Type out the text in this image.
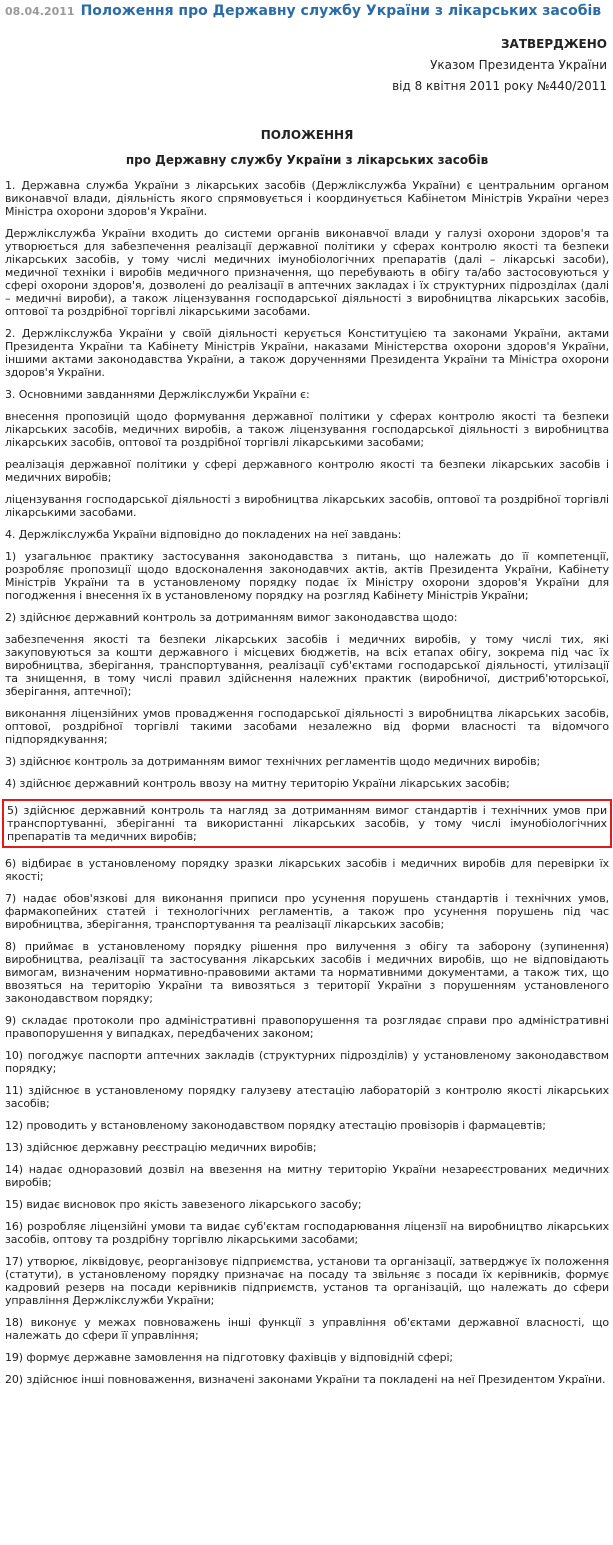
08.04.2011 Положення про Державну службу України з лікарських засобів
ЗАТВЕРДЖЕНО
Указом Президента України
від 8 квітня 2011 року №440/2011
ПОЛОЖЕННЯ
про Державну службу України з лікарських засобів

1. Державна служба України з лікарських засобів (Держлікслужба України) є центральним органом виконавчої влади, діяльність якого спрямовується і координується Кабінетом Міністрів України через Міністра охорони здоров'я України.

Держлікслужба України входить до системи органів виконавчої влади у галузі охорони здоров'я та утворюється для забезпечення реалізації державної політики у сферах контролю якості та безпеки лікарських засобів, у тому числі медичних імунобіологічних препаратів (далі – лікарські засоби), медичної техніки і виробів медичного призначення, що перебувають в обігу та/або застосовуються у сфері охорони здоров'я, дозволені до реалізації в аптечних закладах і їх структурних підрозділах (далі – медичні вироби), а також ліцензування господарської діяльності з виробництва лікарських засобів, оптової та роздрібної торгівлі лікарськими засобами.

2. Держлікслужба України у своїй діяльності керується Конституцією та законами України, актами Президента України та Кабінету Міністрів України, наказами Міністерства охорони здоров'я України, іншими актами законодавства України, а також дорученнями Президента України та Міністра охорони здоров'я України.

3. Основними завданнями Держлікслужби України є:

внесення пропозицій щодо формування державної політики у сферах контролю якості та безпеки лікарських засобів, медичних виробів, а також ліцензування господарської діяльності з виробництва лікарських засобів, оптової та роздрібної торгівлі лікарськими засобами;

реалізація державної політики у сфері державного контролю якості та безпеки лікарських засобів і медичних виробів;

ліцензування господарської діяльності з виробництва лікарських засобів, оптової та роздрібної торгівлі лікарськими засобами.

4. Держлікслужба України відповідно до покладених на неї завдань:

1) узагальнює практику застосування законодавства з питань, що належать до її компетенції, розробляє пропозиції щодо вдосконалення законодавчих актів, актів Президента України, Кабінету Міністрів України та в установленому порядку подає їх Міністру охорони здоров'я України для погодження і внесення їх в установленому порядку на розгляд Кабінету Міністрів України;

2) здійснює державний контроль за дотриманням вимог законодавства щодо:

забезпечення якості та безпеки лікарських засобів і медичних виробів, у тому числі тих, які закуповуються за кошти державного і місцевих бюджетів, на всіх етапах обігу, зокрема під час їх виробництва, зберігання, транспортування, реалізації суб'єктами господарської діяльності, утилізації та знищення, в тому числі правил здійснення належних практик (виробничої, дистриб'юторської, зберігання, аптечної);

виконання ліцензійних умов провадження господарської діяльності з виробництва лікарських засобів, оптової, роздрібної торгівлі такими засобами незалежно від форми власності та відомчого підпорядкування;

3) здійснює контроль за дотриманням вимог технічних регламентів щодо медичних виробів;

4) здійснює державний контроль ввозу на митну територію України лікарських засобів;

5) здійснює державний контроль та нагляд за дотриманням вимог стандартів і технічних умов при транспортуванні, зберіганні та використанні лікарських засобів, у тому числі імунобіологічних препаратів та медичних виробів;

6) відбирає в установленому порядку зразки лікарських засобів і медичних виробів для перевірки їх якості;

7) надає обов'язкові для виконання приписи про усунення порушень стандартів і технічних умов, фармакопейних статей і технологічних регламентів, а також про усунення порушень під час виробництва, зберігання, транспортування та реалізації лікарських засобів;

8) приймає в установленому порядку рішення про вилучення з обігу та заборону (зупинення) виробництва, реалізації та застосування лікарських засобів і медичних виробів, що не відповідають вимогам, визначеним нормативно-правовими актами та нормативними документами, а також тих, що ввозяться на територію України та вивозяться з території України з порушенням установленого законодавством порядку;

9) складає протоколи про адміністративні правопорушення та розглядає справи про адміністративні правопорушення у випадках, передбачених законом;

10) погоджує паспорти аптечних закладів (структурних підрозділів) у установленому законодавством порядку;

11) здійснює в установленому порядку галузеву атестацію лабораторій з контролю якості лікарських засобів;

12) проводить у встановленому законодавством порядку атестацію провізорів і фармацевтів;

13) здійснює державну реєстрацію медичних виробів;

14) надає одноразовий дозвіл на ввезення на митну територію України незареєстрованих медичних виробів;

15) видає висновок про якість завезеного лікарського засобу;

16) розробляє ліцензійні умови та видає суб'єктам господарювання ліцензії на виробництво лікарських засобів, оптову та роздрібну торгівлю лікарськими засобами;

17) утворює, ліквідовує, реорганізовує підприємства, установи та організації, затверджує їх положення (статути), в установленому порядку призначає на посаду та звільняє з посади їх керівників, формує кадровий резерв на посади керівників підприємств, установ та організацій, що належать до сфери управління Держлікслужби України;

18) виконує у межах повноважень інші функції з управління об'єктами державної власності, що належать до сфери її управління;

19) формує державне замовлення на підготовку фахівців у відповідній сфері;

20) здійснює інші повноваження, визначені законами України та покладені на неї Президентом України.
